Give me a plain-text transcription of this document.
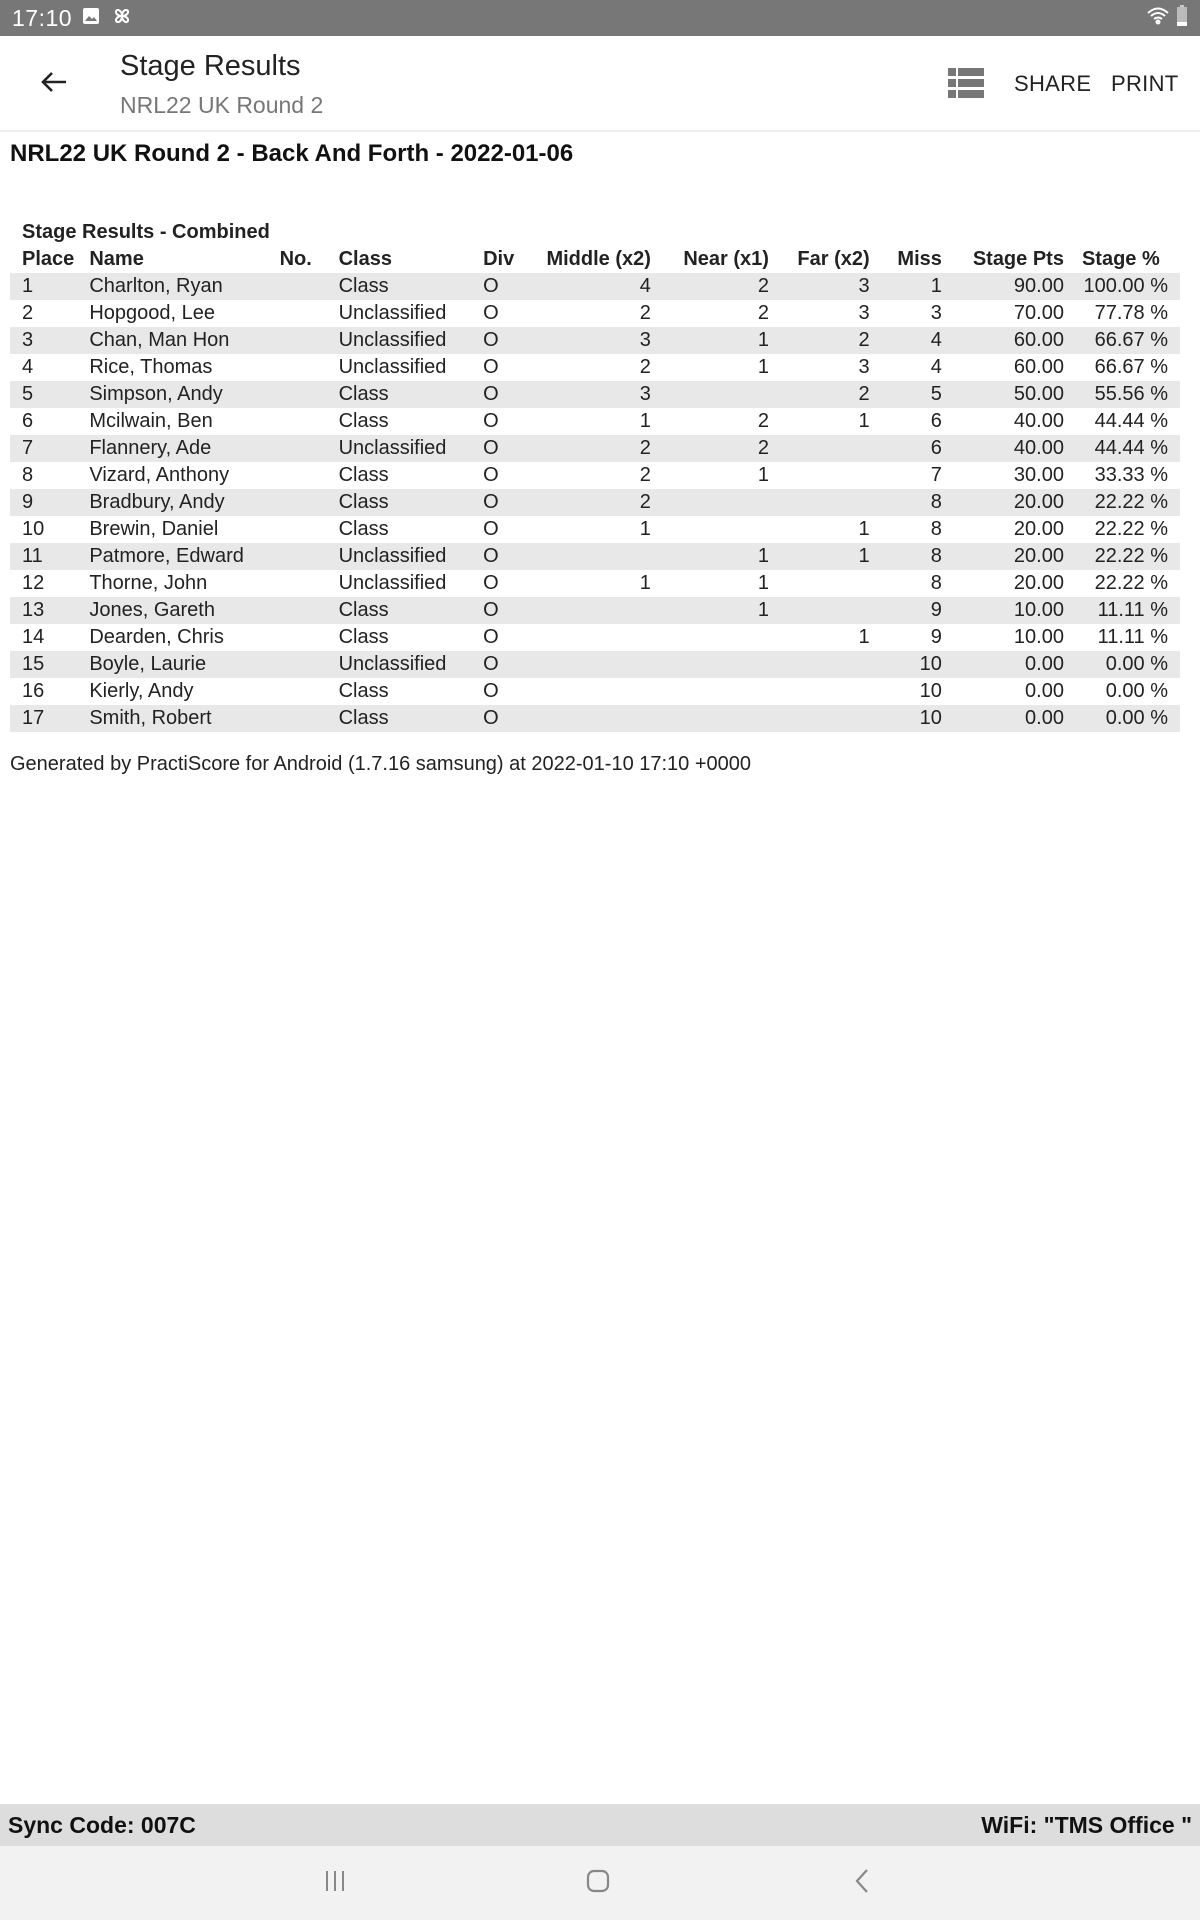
17:10
Stage Results
NRL22 UK Round 2
SHARE PRINT
NRL22 UK Round 2 - Back And Forth - 2022-01-06
Stage Results - Combined
Place	Name	No.	Class	Div	Middle (x2)	Near (x1)	Far (x2)	Miss	Stage Pts	Stage %
1	Charlton, Ryan		Class	O	4	2	3	1	90.00	100.00 %
2	Hopgood, Lee		Unclassified	O	2	2	3	3	70.00	77.78 %
3	Chan, Man Hon		Unclassified	O	3	1	2	4	60.00	66.67 %
4	Rice, Thomas		Unclassified	O	2	1	3	4	60.00	66.67 %
5	Simpson, Andy		Class	O	3		2	5	50.00	55.56 %
6	Mcilwain, Ben		Class	O	1	2	1	6	40.00	44.44 %
7	Flannery, Ade		Unclassified	O	2	2		6	40.00	44.44 %
8	Vizard, Anthony		Class	O	2	1		7	30.00	33.33 %
9	Bradbury, Andy		Class	O	2			8	20.00	22.22 %
10	Brewin, Daniel		Class	O	1		1	8	20.00	22.22 %
11	Patmore, Edward		Unclassified	O		1	1	8	20.00	22.22 %
12	Thorne, John		Unclassified	O	1	1		8	20.00	22.22 %
13	Jones, Gareth		Class	O		1		9	10.00	11.11 %
14	Dearden, Chris		Class	O			1	9	10.00	11.11 %
15	Boyle, Laurie		Unclassified	O				10	0.00	0.00 %
16	Kierly, Andy		Class	O				10	0.00	0.00 %
17	Smith, Robert		Class	O				10	0.00	0.00 %
Generated by PractiScore for Android (1.7.16 samsung) at 2022-01-10 17:10 +0000
Sync Code: 007C	WiFi: "TMS Office "
